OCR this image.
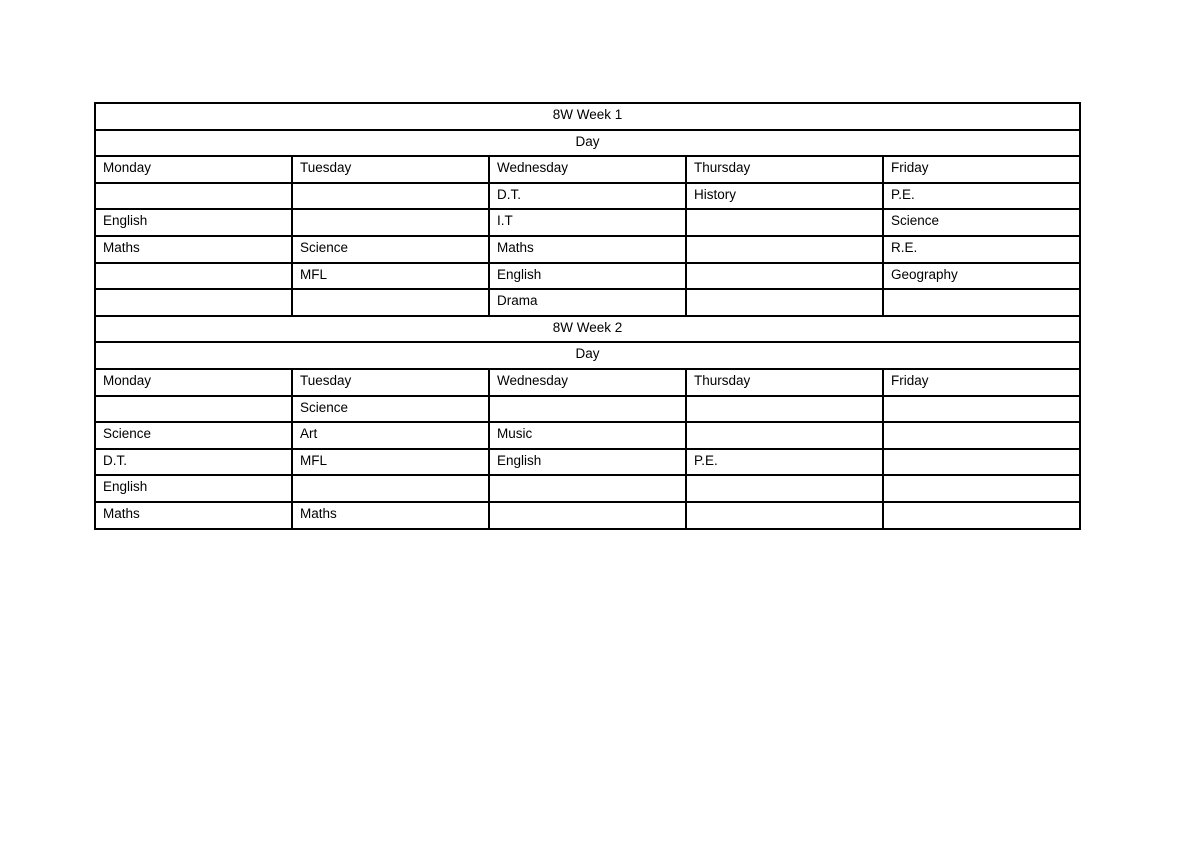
8W Week 1				
Day				
Monday	Tuesday	Wednesday	Thursday	Friday
		D.T.	History	P.E.
English		I.T		Science
Maths	Science	Maths		R.E.
	MFL	English		Geography
		Drama		
8W Week 2				
Day				
Monday	Tuesday	Wednesday	Thursday	Friday
	Science			
Science	Art	Music		
D.T.	MFL	English	P.E.	
English				
Maths	Maths			
